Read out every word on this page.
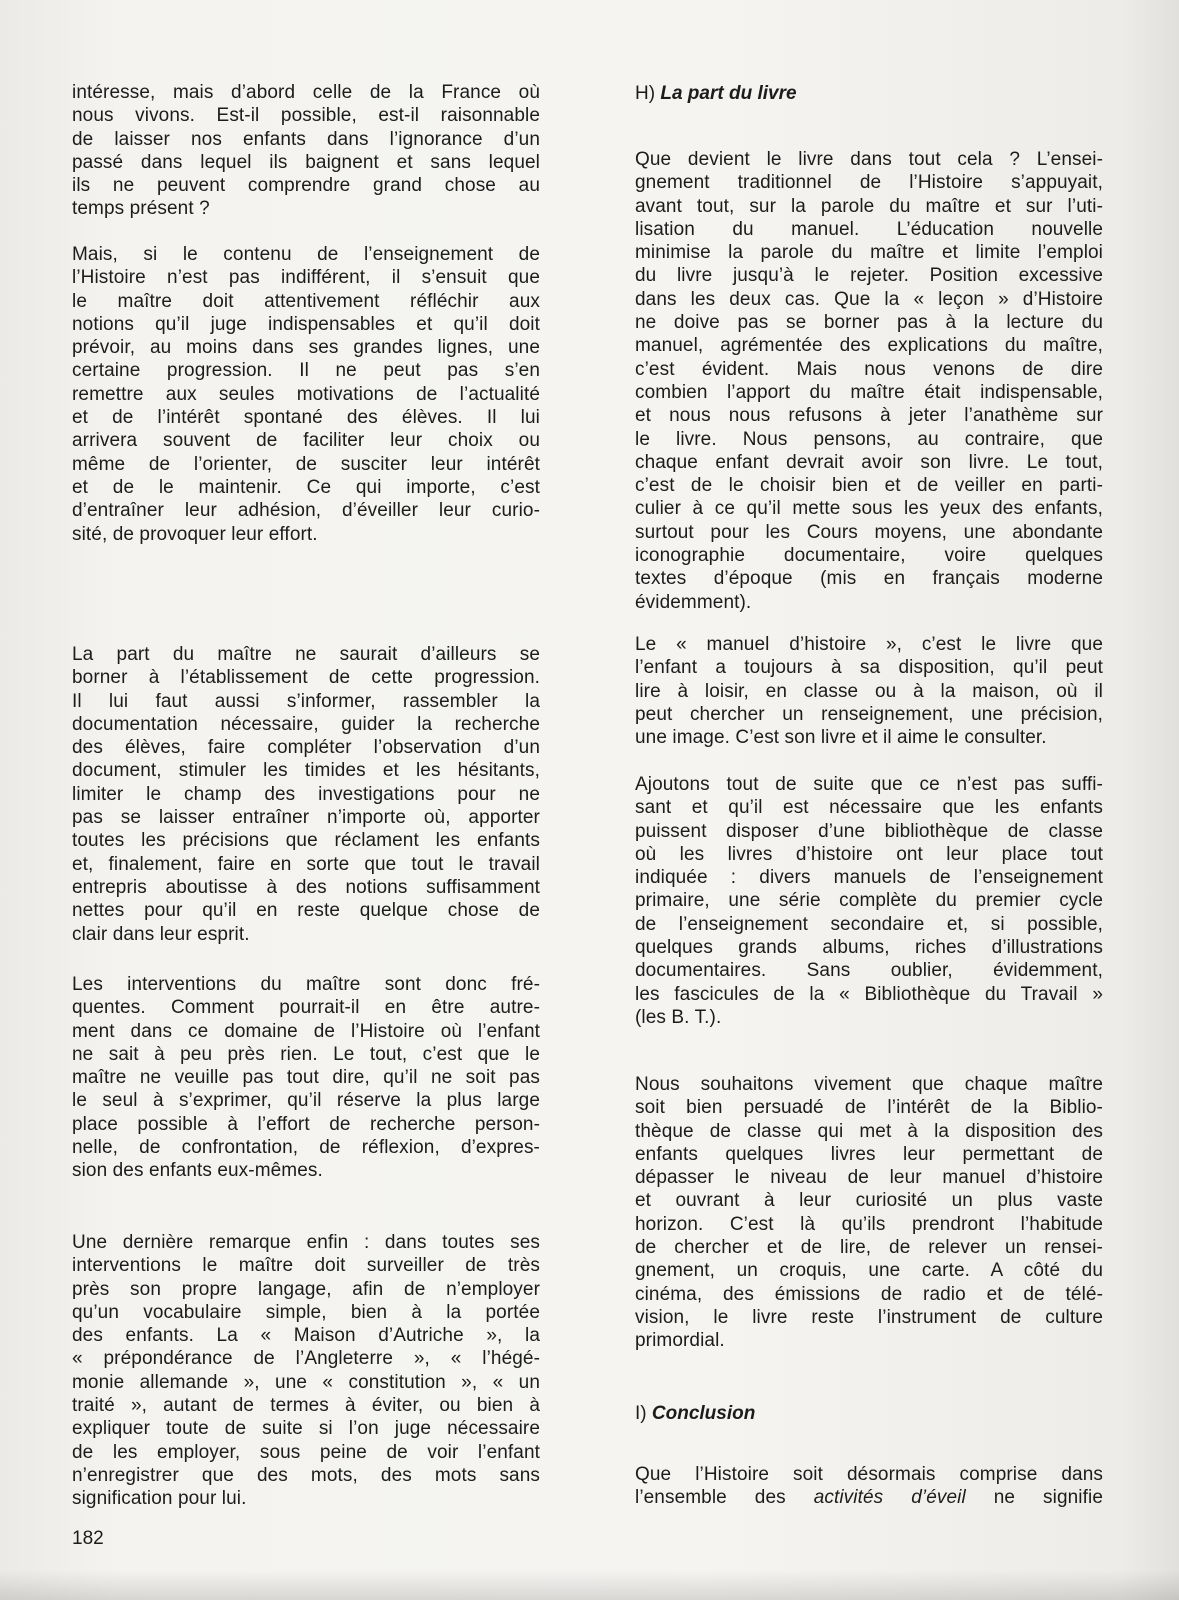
intéresse, mais d’abord celle de la France où
nous vivons. Est-il possible, est-il raisonnable
de laisser nos enfants dans l’ignorance d’un
passé dans lequel ils baignent et sans lequel
ils ne peuvent comprendre grand chose au
temps présent ?
Mais, si le contenu de l’enseignement de
l’Histoire n’est pas indifférent, il s’ensuit que
le maître doit attentivement réfléchir aux
notions qu’il juge indispensables et qu’il doit
prévoir, au moins dans ses grandes lignes, une
certaine progression. Il ne peut pas s’en
remettre aux seules motivations de l’actualité
et de l’intérêt spontané des élèves. Il lui
arrivera souvent de faciliter leur choix ou
même de l’orienter, de susciter leur intérêt
et de le maintenir. Ce qui importe, c’est
d’entraîner leur adhésion, d’éveiller leur curio-
sité, de provoquer leur effort.
La part du maître ne saurait d’ailleurs se
borner à l’établissement de cette progression.
Il lui faut aussi s’informer, rassembler la
documentation nécessaire, guider la recherche
des élèves, faire compléter l’observation d’un
document, stimuler les timides et les hésitants,
limiter le champ des investigations pour ne
pas se laisser entraîner n’importe où, apporter
toutes les précisions que réclament les enfants
et, finalement, faire en sorte que tout le travail
entrepris aboutisse à des notions suffisamment
nettes pour qu’il en reste quelque chose de
clair dans leur esprit.
Les interventions du maître sont donc fré-
quentes. Comment pourrait-il en être autre-
ment dans ce domaine de l’Histoire où l’enfant
ne sait à peu près rien. Le tout, c’est que le
maître ne veuille pas tout dire, qu’il ne soit pas
le seul à s’exprimer, qu’il réserve la plus large
place possible à l’effort de recherche person-
nelle, de confrontation, de réflexion, d’expres-
sion des enfants eux-mêmes.
Une dernière remarque enfin : dans toutes ses
interventions le maître doit surveiller de très
près son propre langage, afin de n’employer
qu’un vocabulaire simple, bien à la portée
des enfants. La « Maison d’Autriche », la
« prépondérance de l’Angleterre », « l’hégé-
monie allemande », une « constitution », « un
traité », autant de termes à éviter, ou bien à
expliquer toute de suite si l’on juge nécessaire
de les employer, sous peine de voir l’enfant
n’enregistrer que des mots, des mots sans
signification pour lui.
H) La part du livre
I) Conclusion
Que l’Histoire soit désormais comprise dans
l’ensemble des activités d’éveil ne signifie
Que devient le livre dans tout cela ? L’ensei-
gnement traditionnel de l’Histoire s’appuyait,
avant tout, sur la parole du maître et sur l’uti-
lisation du manuel. L’éducation nouvelle
minimise la parole du maître et limite l’emploi
du livre jusqu’à le rejeter. Position excessive
dans les deux cas. Que la « leçon » d’Histoire
ne doive pas se borner pas à la lecture du
manuel, agrémentée des explications du maître,
c’est évident. Mais nous venons de dire
combien l’apport du maître était indispensable,
et nous nous refusons à jeter l’anathème sur
le livre. Nous pensons, au contraire, que
chaque enfant devrait avoir son livre. Le tout,
c’est de le choisir bien et de veiller en parti-
culier à ce qu’il mette sous les yeux des enfants,
surtout pour les Cours moyens, une abondante
iconographie documentaire, voire quelques
textes d’époque (mis en français moderne
évidemment).
Le « manuel d’histoire », c’est le livre que
l’enfant a toujours à sa disposition, qu’il peut
lire à loisir, en classe ou à la maison, où il
peut chercher un renseignement, une précision,
une image. C’est son livre et il aime le consulter.
Ajoutons tout de suite que ce n’est pas suffi-
sant et qu’il est nécessaire que les enfants
puissent disposer d’une bibliothèque de classe
où les livres d’histoire ont leur place tout
indiquée : divers manuels de l’enseignement
primaire, une série complète du premier cycle
de l’enseignement secondaire et, si possible,
quelques grands albums, riches d’illustrations
documentaires. Sans oublier, évidemment,
les fascicules de la « Bibliothèque du Travail »
(les B. T.).
Nous souhaitons vivement que chaque maître
soit bien persuadé de l’intérêt de la Biblio-
thèque de classe qui met à la disposition des
enfants quelques livres leur permettant de
dépasser le niveau de leur manuel d’histoire
et ouvrant à leur curiosité un plus vaste
horizon. C’est là qu’ils prendront l’habitude
de chercher et de lire, de relever un rensei-
gnement, un croquis, une carte. A côté du
cinéma, des émissions de radio et de télé-
vision, le livre reste l’instrument de culture
primordial.
182
